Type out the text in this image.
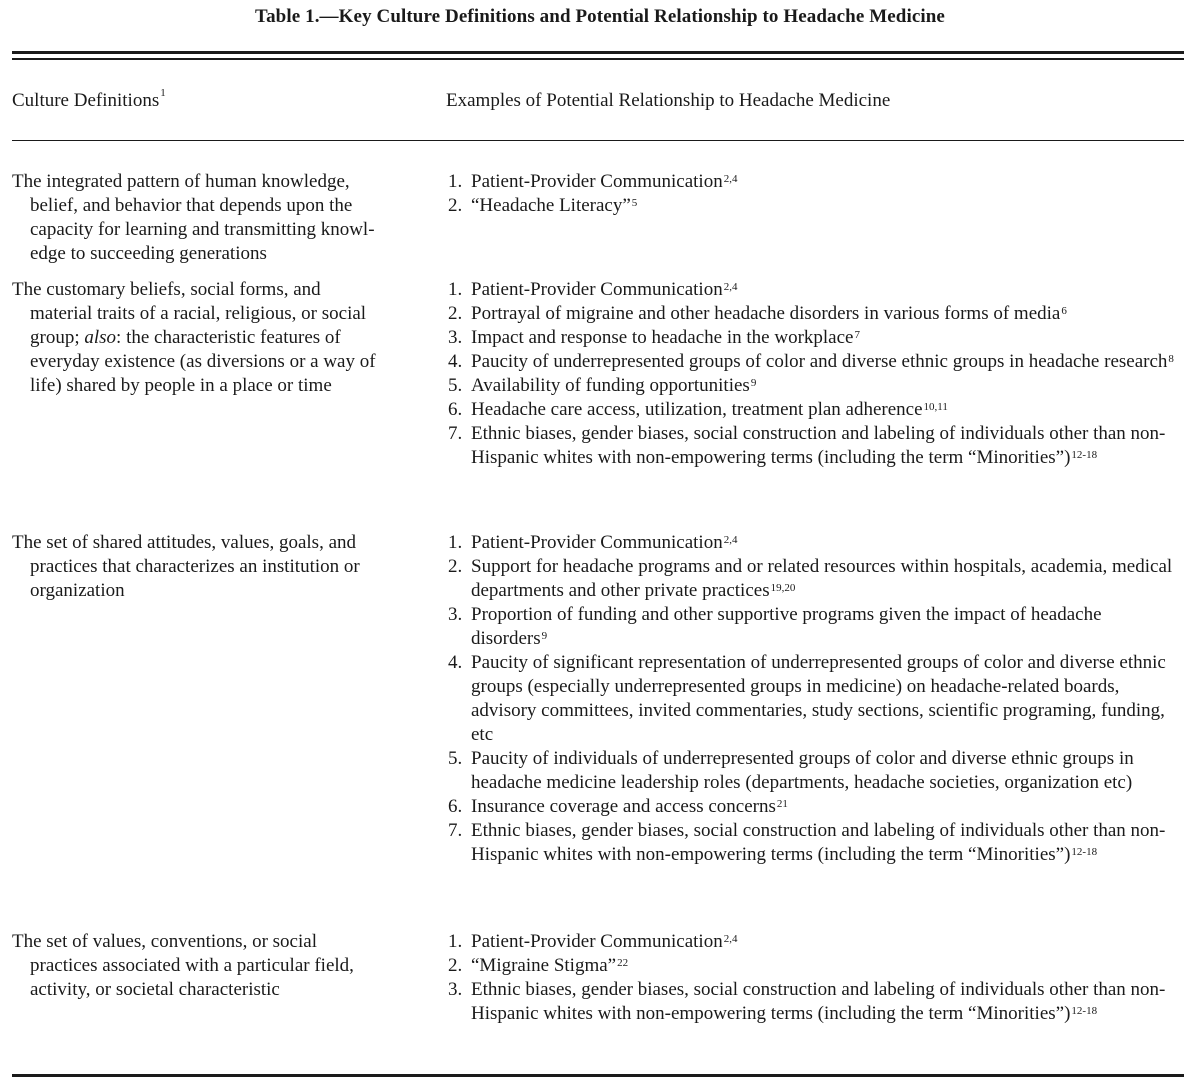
Table 1.—Key Culture Definitions and Potential Relationship to Headache Medicine
Culture Definitions$^1$	Examples of Potential Relationship to Headache Medicine
The integrated pattern of human knowledge,
belief, and behavior that depends upon the
capacity for learning and transmitting knowl-
edge to succeeding generations
1. Patient-Provider Communication$^{2,4}$
2. “Headache Literacy”$^5$
The customary beliefs, social forms, and
material traits of a racial, religious, or social
group; also: the characteristic features of
everyday existence (as diversions or a way of
life) shared by people in a place or time
1. Patient-Provider Communication$^{2,4}$
2. Portrayal of migraine and other headache disorders in various forms of media$^6$
3. Impact and response to headache in the workplace$^7$
4. Paucity of underrepresented groups of color and diverse ethnic groups in headache research$^8$
5. Availability of funding opportunities$^9$
6. Headache care access, utilization, treatment plan adherence$^{10,11}$
7. Ethnic biases, gender biases, social construction and labeling of individuals other than non-Hispanic whites with non-empowering terms (including the term “Minorities”)$^{12-18}$
The set of shared attitudes, values, goals, and
practices that characterizes an institution or
organization
1. Patient-Provider Communication$^{2,4}$
2. Support for headache programs and or related resources within hospitals, academia, medical departments and other private practices$^{19,20}$
3. Proportion of funding and other supportive programs given the impact of headache disorders$^9$
4. Paucity of significant representation of underrepresented groups of color and diverse ethnic groups (especially underrepresented groups in medicine) on headache-related boards, advisory committees, invited commentaries, study sections, scientific programing, funding, etc
5. Paucity of individuals of underrepresented groups of color and diverse ethnic groups in headache medicine leadership roles (departments, headache societies, organization etc)
6. Insurance coverage and access concerns$^{21}$
7. Ethnic biases, gender biases, social construction and labeling of individuals other than non-Hispanic whites with non-empowering terms (including the term “Minorities”)$^{12-18}$
The set of values, conventions, or social
practices associated with a particular field,
activity, or societal characteristic
1. Patient-Provider Communication$^{2,4}$
2. “Migraine Stigma”$^{22}$
3. Ethnic biases, gender biases, social construction and labeling of individuals other than non-Hispanic whites with non-empowering terms (including the term “Minorities”)$^{12-18}$
